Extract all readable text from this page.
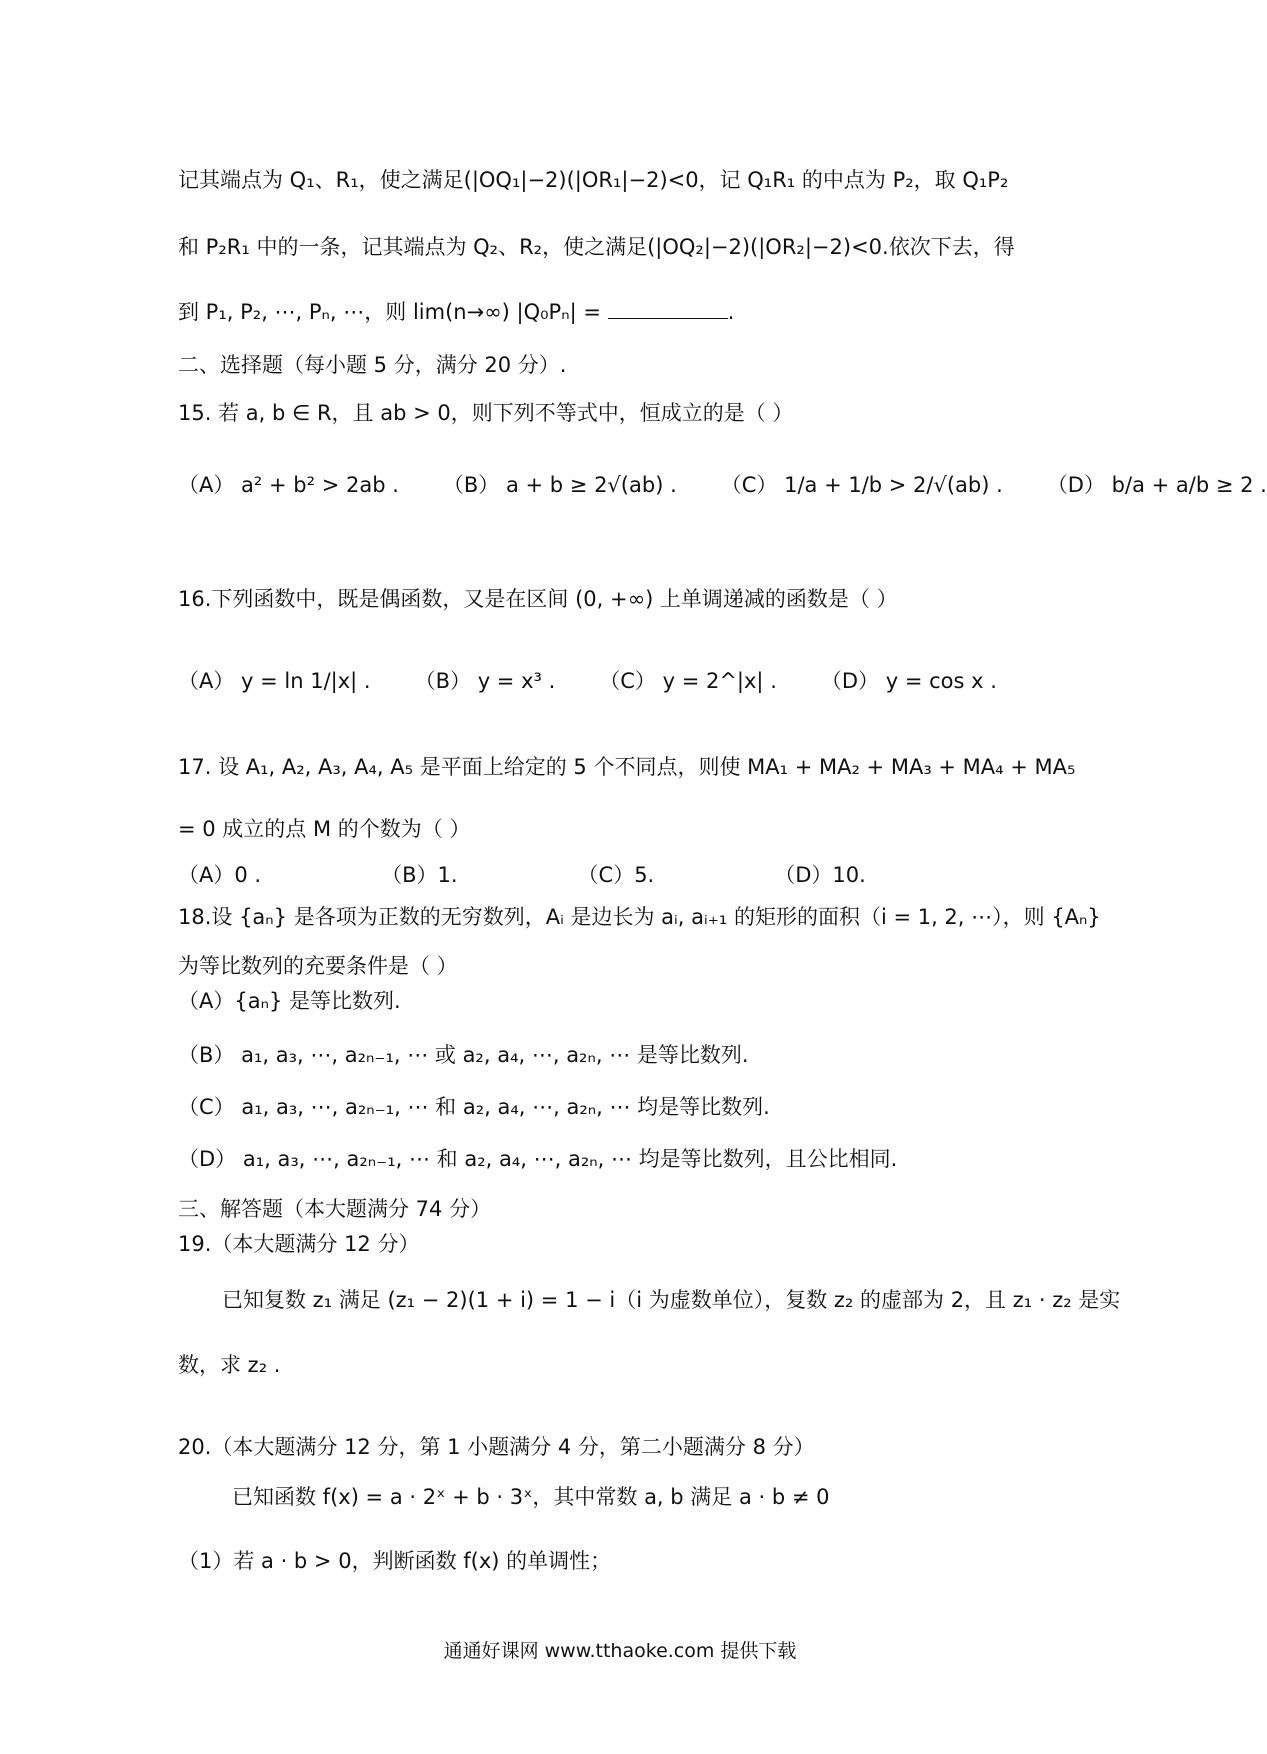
记其端点为 Q₁、R₁，使之满足(|OQ₁|−2)(|OR₁|−2)<0，记 Q₁R₁ 的中点为 P₂，取 Q₁P₂
和 P₂R₁ 中的一条，记其端点为 Q₂、R₂，使之满足(|OQ₂|−2)(|OR₂|−2)<0.依次下去，得
到 P₁, P₂, ⋯, Pₙ, ⋯，则 lim(n→∞) |Q₀Pₙ| =	.
二、选择题（每小题 5 分，满分 20 分）.
15. 若 a, b ∈ R，且 ab > 0，则下列不等式中，恒成立的是（ ）
（A） a² + b² > 2ab . （B） a + b ≥ 2√(ab) . （C） 1/a + 1/b > 2/√(ab) . （D） b/a + a/b ≥ 2 .
16.下列函数中，既是偶函数，又是在区间 (0, +∞) 上单调递减的函数是（ ）
（A） y = ln 1/|x| . （B） y = x³ . （C） y = 2^|x| . （D） y = cos x .
17. 设 A₁, A₂, A₃, A₄, A₅ 是平面上给定的 5 个不同点，则使 MA₁ + MA₂ + MA₃ + MA₄ + MA₅
= 0 成立的点 M 的个数为（ ）
（A）0 .	（B）1.	（C）5.	（D）10.
18.设 {aₙ} 是各项为正数的无穷数列，Aᵢ 是边长为 aᵢ, aᵢ₊₁ 的矩形的面积（i = 1, 2, ⋯），则 {Aₙ}
为等比数列的充要条件是（ ）
（A）{aₙ} 是等比数列.
（B） a₁, a₃, ⋯, a₂ₙ₋₁, ⋯ 或 a₂, a₄, ⋯, a₂ₙ, ⋯ 是等比数列.
（C） a₁, a₃, ⋯, a₂ₙ₋₁, ⋯ 和 a₂, a₄, ⋯, a₂ₙ, ⋯ 均是等比数列.
（D） a₁, a₃, ⋯, a₂ₙ₋₁, ⋯ 和 a₂, a₄, ⋯, a₂ₙ, ⋯ 均是等比数列，且公比相同.
三、解答题（本大题满分 74 分）
19.（本大题满分 12 分）
已知复数 z₁ 满足 (z₁ − 2)(1 + i) = 1 − i（i 为虚数单位），复数 z₂ 的虚部为 2，且 z₁ · z₂ 是实
数，求 z₂ .
20.（本大题满分 12 分，第 1 小题满分 4 分，第二小题满分 8 分）
已知函数 f(x) = a · 2ˣ + b · 3ˣ，其中常数 a, b 满足 a · b ≠ 0
（1）若 a · b > 0，判断函数 f(x) 的单调性；
通通好课网 www.tthaoke.com 提供下载
